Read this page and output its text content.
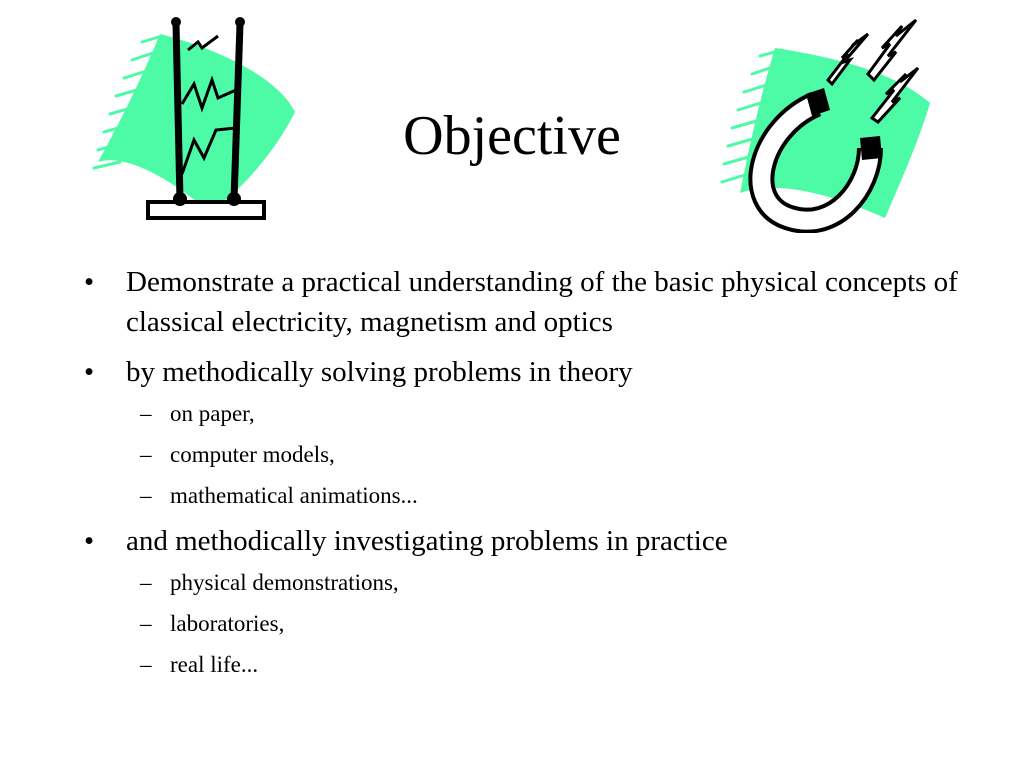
Objective
• Demonstrate a practical understanding of the basic physical concepts of classical electricity, magnetism and optics
• by methodically solving problems in theory
– on paper,
– computer models,
– mathematical animations...
• and methodically investigating problems in practice
– physical demonstrations,
– laboratories,
– real life...
